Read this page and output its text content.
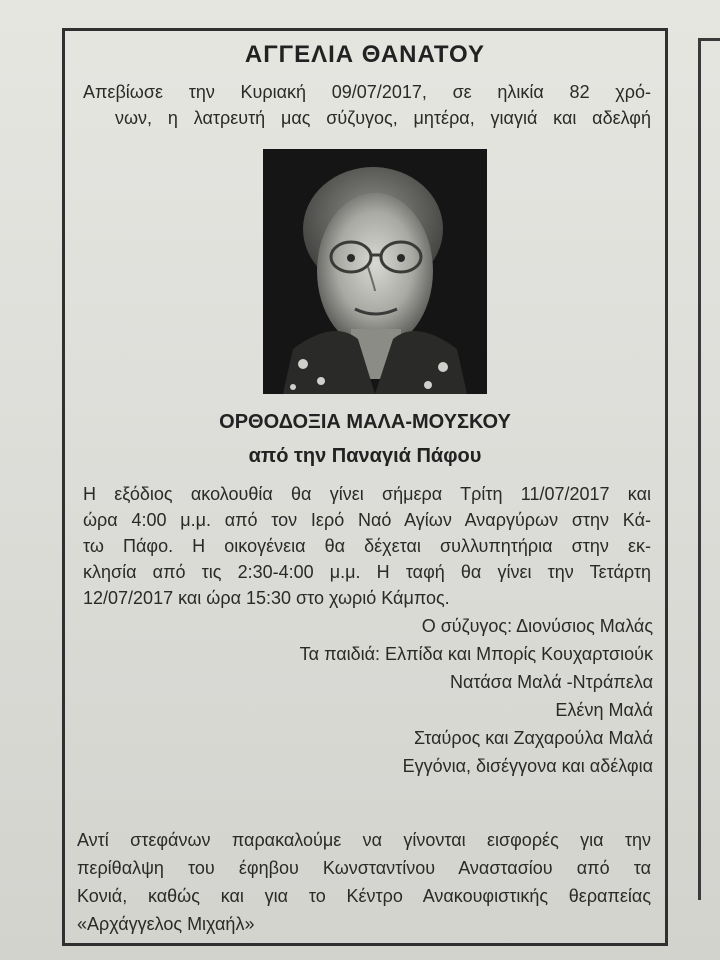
ΑΓΓΕΛΙΑ ΘΑΝΑΤΟΥ
Απεβίωσε την Κυριακή 09/07/2017, σε ηλικία 82 χρό-
νων, η λατρευτή μας σύζυγος, μητέρα, γιαγιά και αδελφή
ΟΡΘΟΔΟΞΙΑ ΜΑΛΑ-ΜΟΥΣΚΟΥ
από την Παναγιά Πάφου
Η εξόδιος ακολουθία θα γίνει σήμερα Τρίτη 11/07/2017 και
ώρα 4:00 μ.μ. από τον Ιερό Ναό Αγίων Αναργύρων στην Κά-
τω Πάφο. Η οικογένεια θα δέχεται συλλυπητήρια στην εκ-
κλησία από τις 2:30-4:00 μ.μ. Η ταφή θα γίνει την Τετάρτη
12/07/2017 και ώρα 15:30 στο χωριό Κάμπος.
Ο σύζυγος: Διονύσιος Μαλάς
Τα παιδιά: Ελπίδα και Μπορίς Κουχαρτσιούκ
Νατάσα Μαλά -Ντράπελα
Ελένη Μαλά
Σταύρος και Ζαχαρούλα Μαλά
Εγγόνια, δισέγγονα και αδέλφια
Αντί στεφάνων παρακαλούμε να γίνονται εισφορές για την
περίθαλψη του έφηβου Κωνσταντίνου Αναστασίου από τα
Κονιά, καθώς και για το Κέντρο Ανακουφιστικής θεραπείας
«Αρχάγγελος Μιχαήλ»
